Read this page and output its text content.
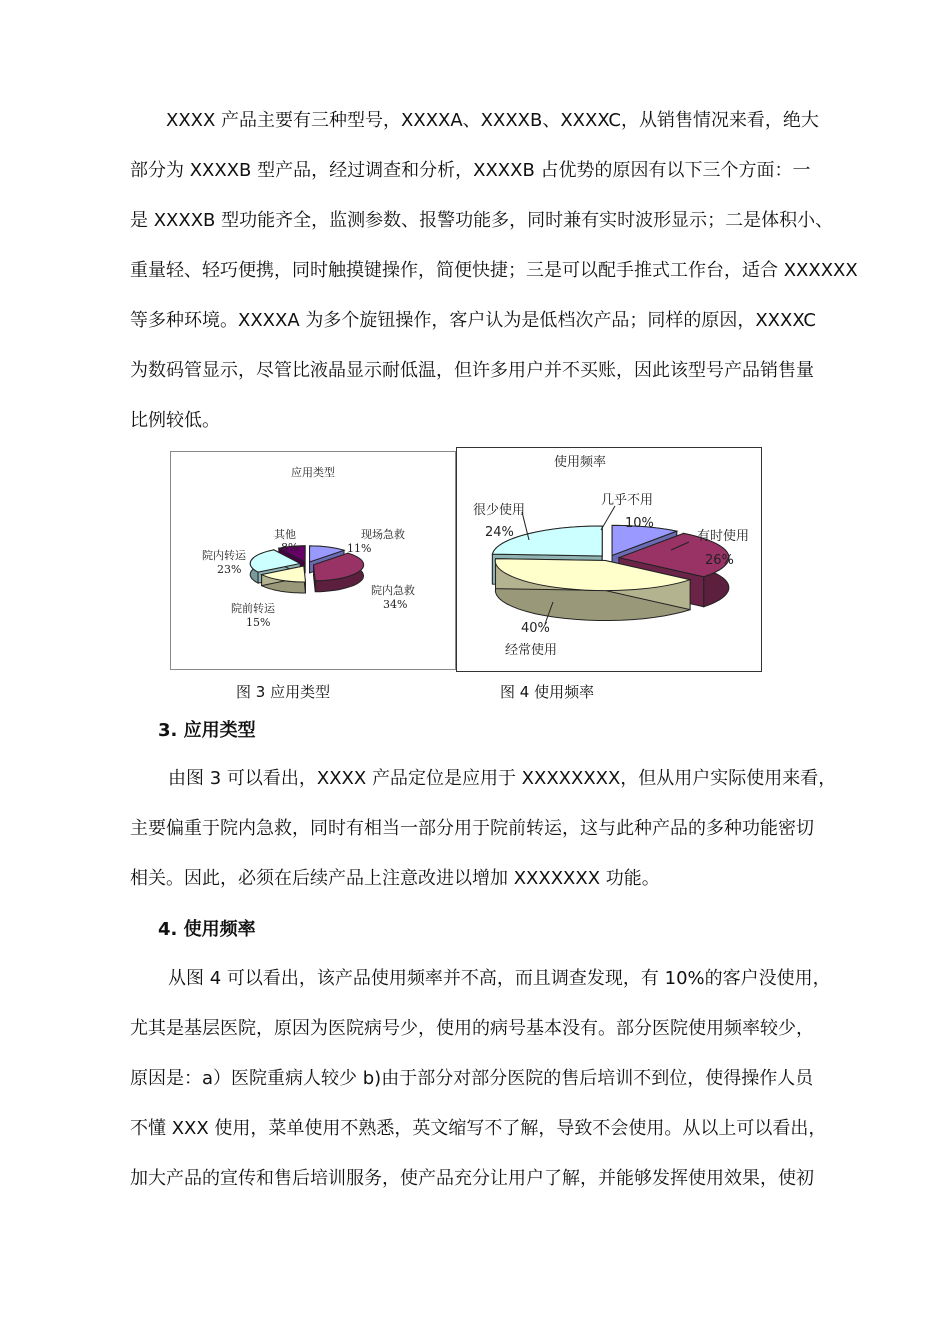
XXXX 产品主要有三种型号，XXXXA、XXXXB、XXXXC，从销售情况来看，绝大
部分为 XXXXB 型产品，经过调查和分析，XXXXB 占优势的原因有以下三个方面：一
是 XXXXB 型功能齐全，监测参数、报警功能多，同时兼有实时波形显示；二是体积小、
重量轻、轻巧便携，同时触摸键操作，简便快捷；三是可以配手推式工作台，适合 XXXXXX
等多种环境。XXXXA 为多个旋钮操作，客户认为是低档次产品；同样的原因，XXXXC
为数码管显示，尽管比液晶显示耐低温，但许多用户并不买账，因此该型号产品销售量
比例较低。
应用类型
现场急救
11%
院内急救
34%
院前转运
15%
院内转运
23%
其他
8%
使用频率
几乎不用
10%
有时使用
26%
经常使用
40%
很少使用
24%
图 3 应用类型	图 4 使用频率
3. 应用类型
由图 3 可以看出，XXXX 产品定位是应用于 XXXXXXXX，但从用户实际使用来看，
主要偏重于院内急救，同时有相当一部分用于院前转运，这与此种产品的多种功能密切
相关。因此，必须在后续产品上注意改进以增加 XXXXXXX 功能。
4. 使用频率
从图 4 可以看出，该产品使用频率并不高，而且调查发现，有 10%的客户没使用，
尤其是基层医院，原因为医院病号少，使用的病号基本没有。部分医院使用频率较少，
原因是：a）医院重病人较少 b)由于部分对部分医院的售后培训不到位，使得操作人员
不懂 XXX 使用，菜单使用不熟悉，英文缩写不了解，导致不会使用。从以上可以看出，
加大产品的宣传和售后培训服务，使产品充分让用户了解，并能够发挥使用效果，使初
